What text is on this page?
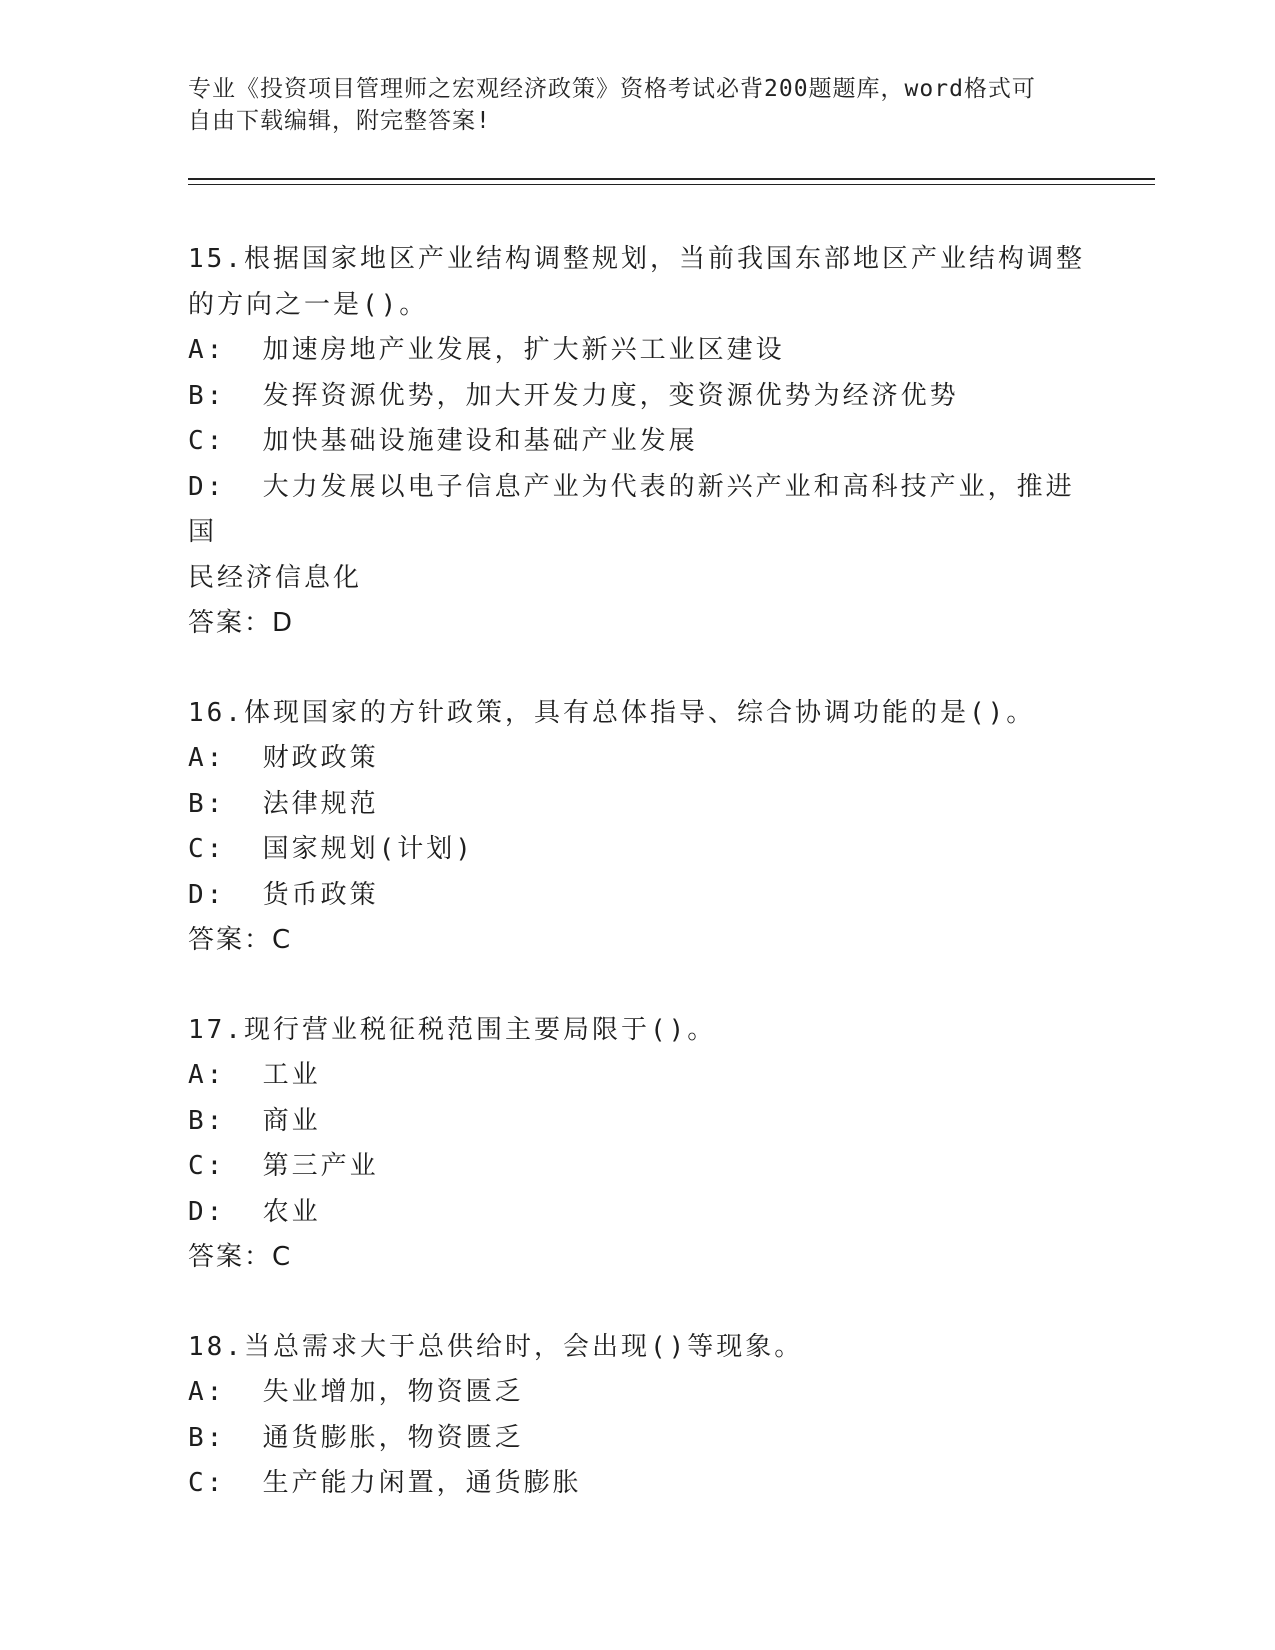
专业《投资项目管理师之宏观经济政策》资格考试必背200题题库，word格式可
自由下载编辑，附完整答案!
15.根据国家地区产业结构调整规划，当前我国东部地区产业结构调整
的方向之一是()。
A:  加速房地产业发展，扩大新兴工业区建设
B:  发挥资源优势，加大开发力度，变资源优势为经济优势
C:  加快基础设施建设和基础产业发展
D:  大力发展以电子信息产业为代表的新兴产业和高科技产业，推进国
民经济信息化
答案：D
16.体现国家的方针政策，具有总体指导、综合协调功能的是()。
A:  财政政策
B:  法律规范
C:  国家规划(计划)
D:  货币政策
答案：C
17.现行营业税征税范围主要局限于()。
A:  工业
B:  商业
C:  第三产业
D:  农业
答案：C
18.当总需求大于总供给时，会出现()等现象。
A:  失业增加，物资匮乏
B:  通货膨胀，物资匮乏
C:  生产能力闲置，通货膨胀
